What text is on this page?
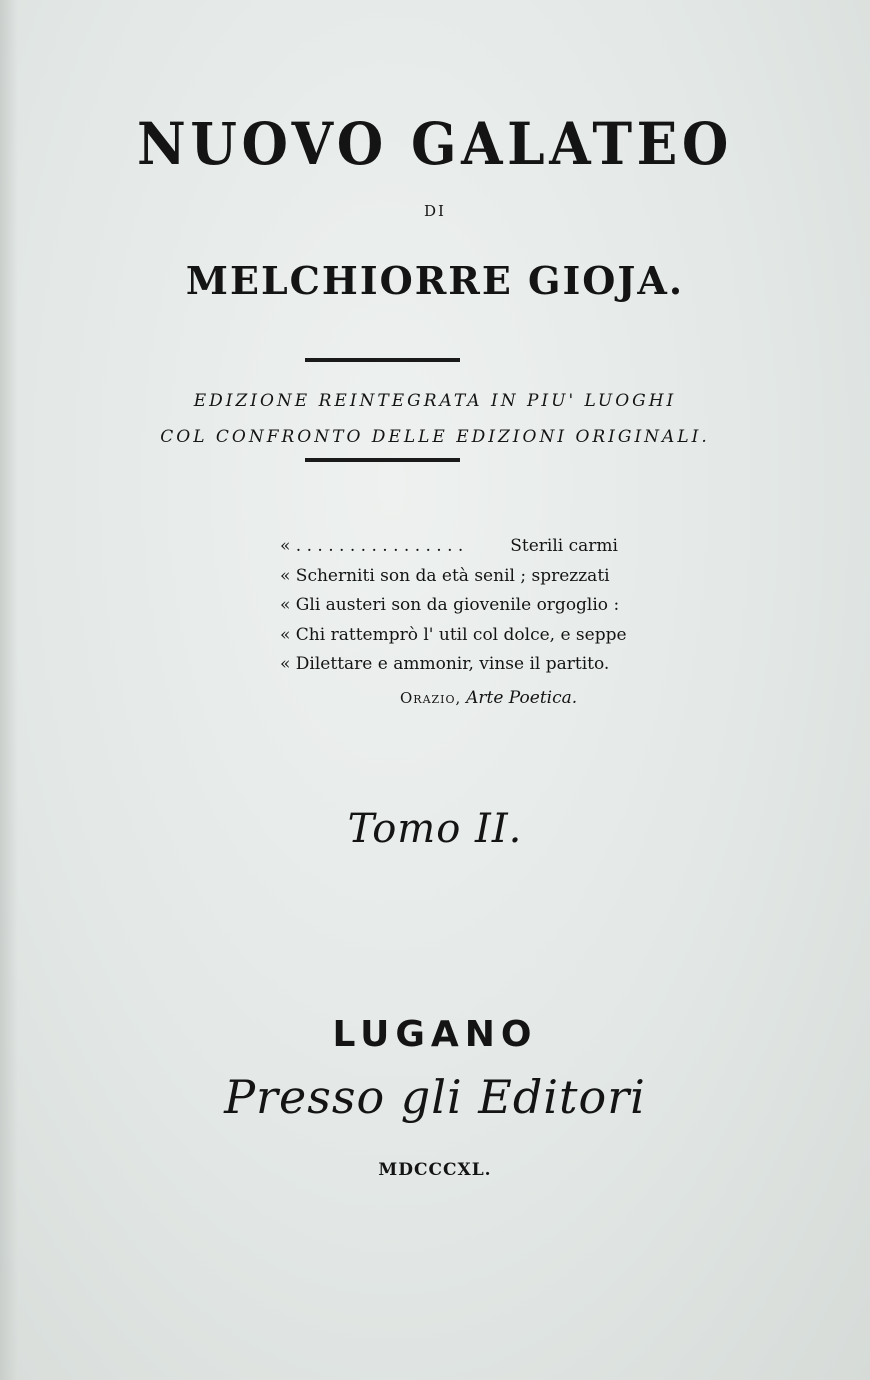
NUOVO GALATEO
DI
MELCHIORRE GIOJA.
EDIZIONE REINTEGRATA IN PIU' LUOGHI
COL CONFRONTO DELLE EDIZIONI ORIGINALI.
« . . . . . . . . . . . . . . . .	Sterili carmi
« Scherniti son da età senil ; sprezzati
« Gli austeri son da giovenile orgoglio :
« Chi rattemprò l' util col dolce, e seppe
« Dilettare e ammonir, vinse il partito.
Orazio, Arte Poetica.
Tomo II.
LUGANO
Presso gli Editori
MDCCCXL.
